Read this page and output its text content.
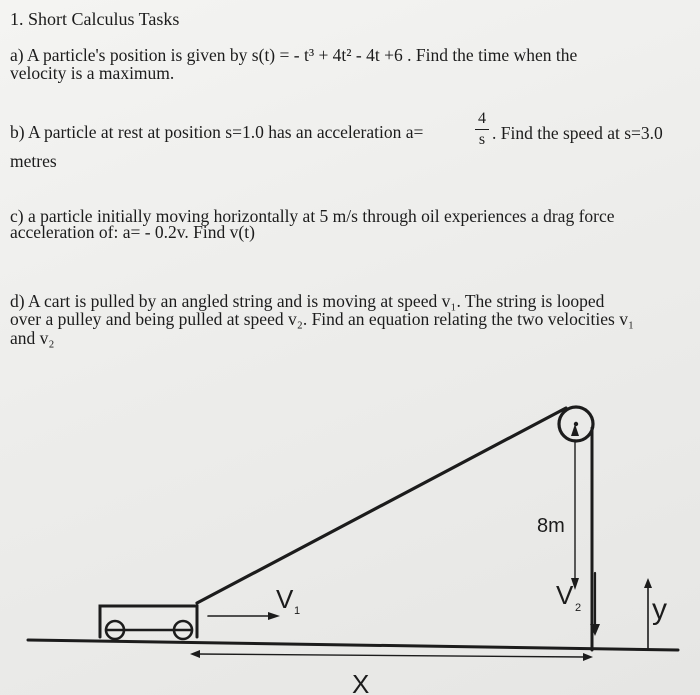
1. Short Calculus Tasks
a) A particle's position is given by s(t) = - t³ + 4t² - 4t +6 . Find the time when the
velocity is a maximum.
b) A particle at rest at position s=1.0 has an acceleration a=
4
s . Find the speed at s=3.0
metres
c) a particle initially moving horizontally at 5 m/s through oil experiences a drag force
acceleration of: a= - 0.2v. Find v(t)
d) A cart is pulled by an angled string and is moving at speed v₁. The string is looped
over a pulley and being pulled at speed v₂. Find an equation relating the two velocities v₁
and v₂
V 1
V 2
8m
X
y
